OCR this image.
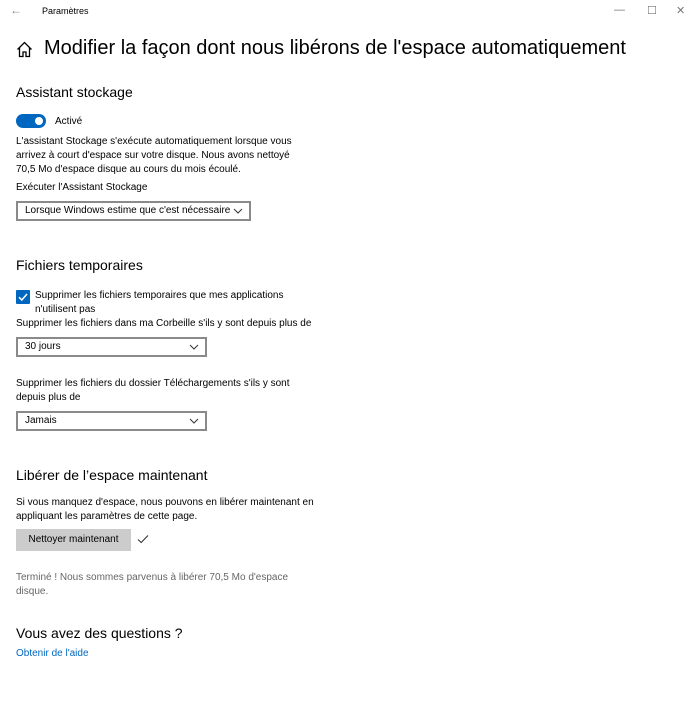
← Paramètres	— ☐ ✕
Modifier la façon dont nous libérons de l'espace automatiquement
Assistant stockage
Activé
L'assistant Stockage s'exécute automatiquement lorsque vous arrivez à court d'espace sur votre disque. Nous avons nettoyé 70,5 Mo d'espace disque au cours du mois écoulé.
Exécuter l'Assistant Stockage
Lorsque Windows estime que c'est nécessaire
Fichiers temporaires
Supprimer les fichiers temporaires que mes applications n'utilisent pas
Supprimer les fichiers dans ma Corbeille s'ils y sont depuis plus de
30 jours
Supprimer les fichiers du dossier Téléchargements s'ils y sont depuis plus de
Jamais
Libérer de l’espace maintenant
Si vous manquez d'espace, nous pouvons en libérer maintenant en appliquant les paramètres de cette page.
Nettoyer maintenant
Terminé ! Nous sommes parvenus à libérer 70,5 Mo d'espace disque.
Vous avez des questions ?
Obtenir de l'aide
